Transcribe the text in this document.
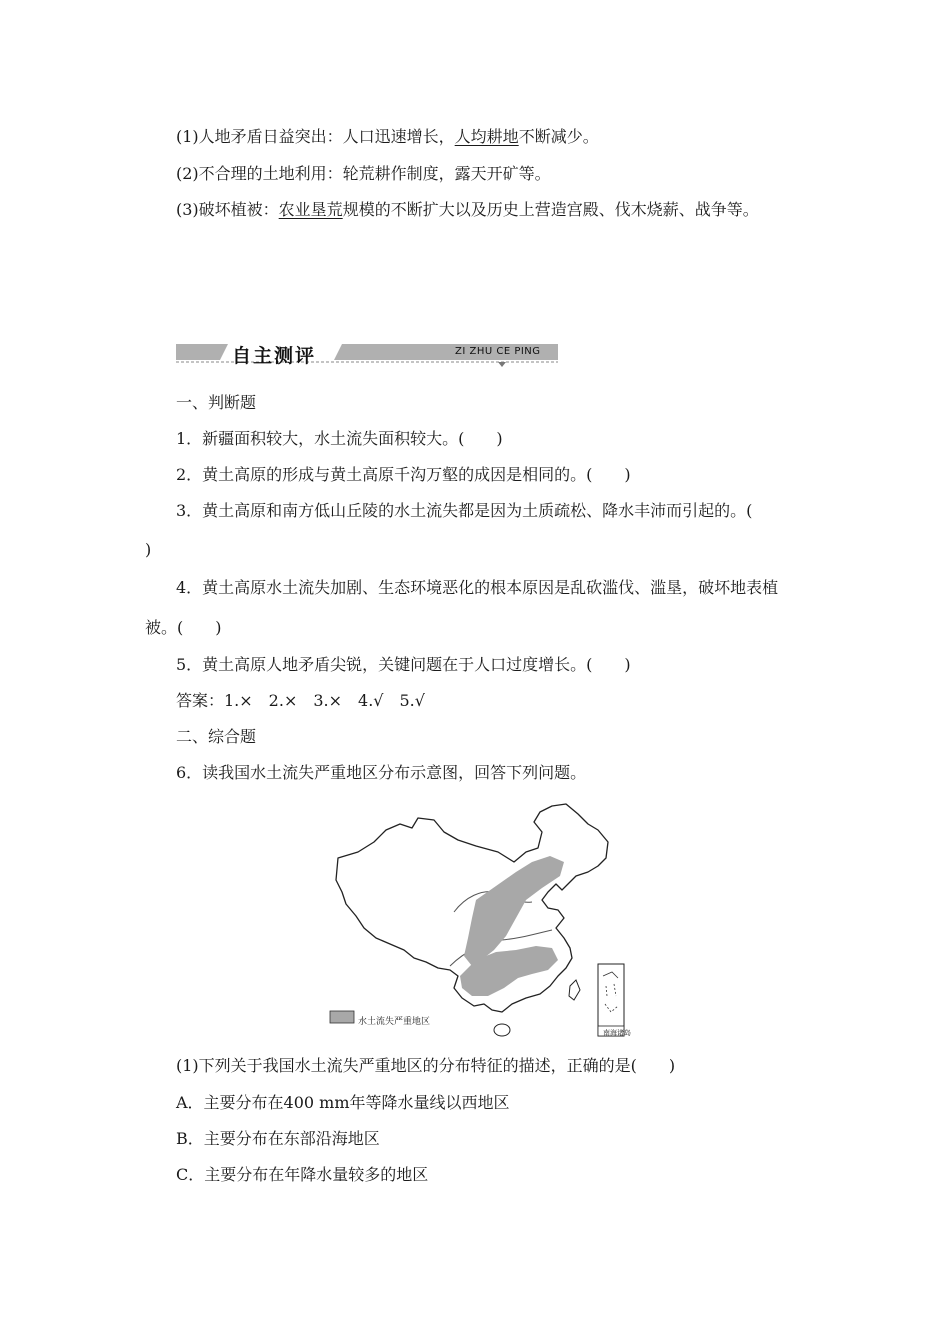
(1)人地矛盾日益突出：人口迅速增长，人均耕地不断减少。
(2)不合理的土地利用：轮荒耕作制度，露天开矿等。
(3)破坏植被：农业垦荒规模的不断扩大以及历史上营造宫殿、伐木烧薪、战争等。
自主测评	ZI ZHU CE PING
一、判断题
1．新疆面积较大，水土流失面积较大。(　　)
2．黄土高原的形成与黄土高原千沟万壑的成因是相同的。(　　)
3．黄土高原和南方低山丘陵的水土流失都是因为土质疏松、降水丰沛而引起的。(
)
4．黄土高原水土流失加剧、生态环境恶化的根本原因是乱砍滥伐、滥垦，破坏地表植
被。(　　)
5．黄土高原人地矛盾尖锐，关键问题在于人口过度增长。(　　)
答案：1.×　2.×　3.×　4.√　5.√
二、综合题
6．读我国水土流失严重地区分布示意图，回答下列问题。
水土流失严重地区
南海诸岛
(1)下列关于我国水土流失严重地区的分布特征的描述，正确的是(　　)
A．主要分布在400 mm年等降水量线以西地区
B．主要分布在东部沿海地区
C．主要分布在年降水量较多的地区
